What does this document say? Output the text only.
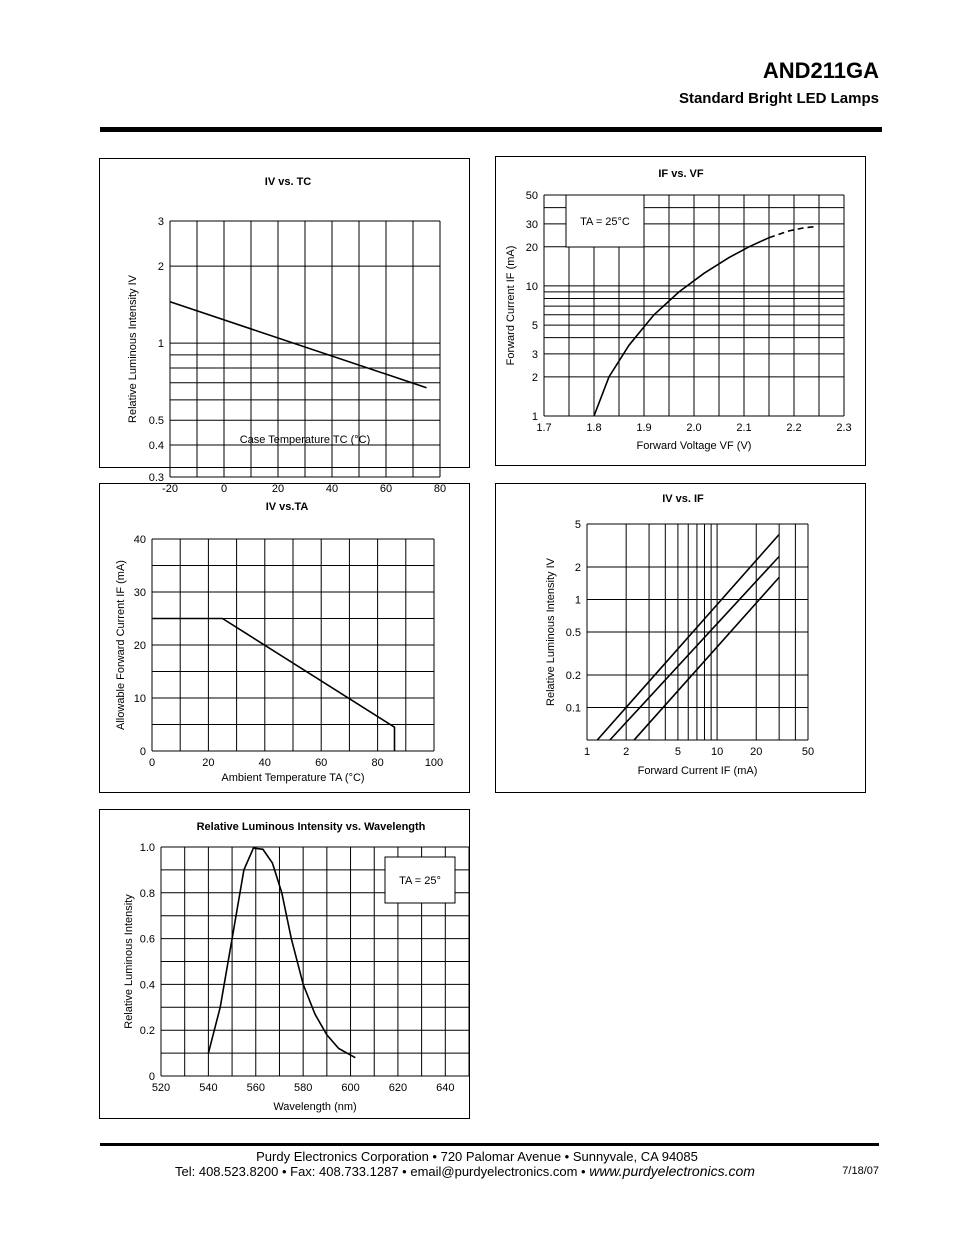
AND211GA
Standard Bright LED Lamps
-20	0	20	40	60	80
0.3
0.4
0.5
1
2
3
IV vs. TC
Case Temperature TC (°C)
Relative Luminous Intensity IV
TA = 25°C
1.7	1.8	1.9	2.0	2.1	2.2	2.3
1
2
3
5
10
20
30
50
IF vs. VF
Forward Voltage VF (V)
Forward Current IF (mA)
0	20	40	60	80	100
0
10
20
30
40
IV vs.TA
Ambient Temperature TA (°C)
Allowable Forward Current IF (mA)
1	2	5	10 20	50
0.1
0.2
0.5
1
2
5
IV vs. IF
Forward Current IF (mA)
Relative Luminous Intensity IV
TA = 25°
520	540	560	580	600	620	640
0
0.2
0.4
0.6
0.8
1.0
Relative Luminous Intensity vs. Wavelength
Wavelength (nm)
Relative Luminous Intensity
Purdy Electronics Corporation • 720 Palomar Avenue • Sunnyvale, CA 94085
Tel: 408.523.8200 • Fax: 408.733.1287 • email@purdyelectronics.com • www.purdyelectronics.com	7/18/07
